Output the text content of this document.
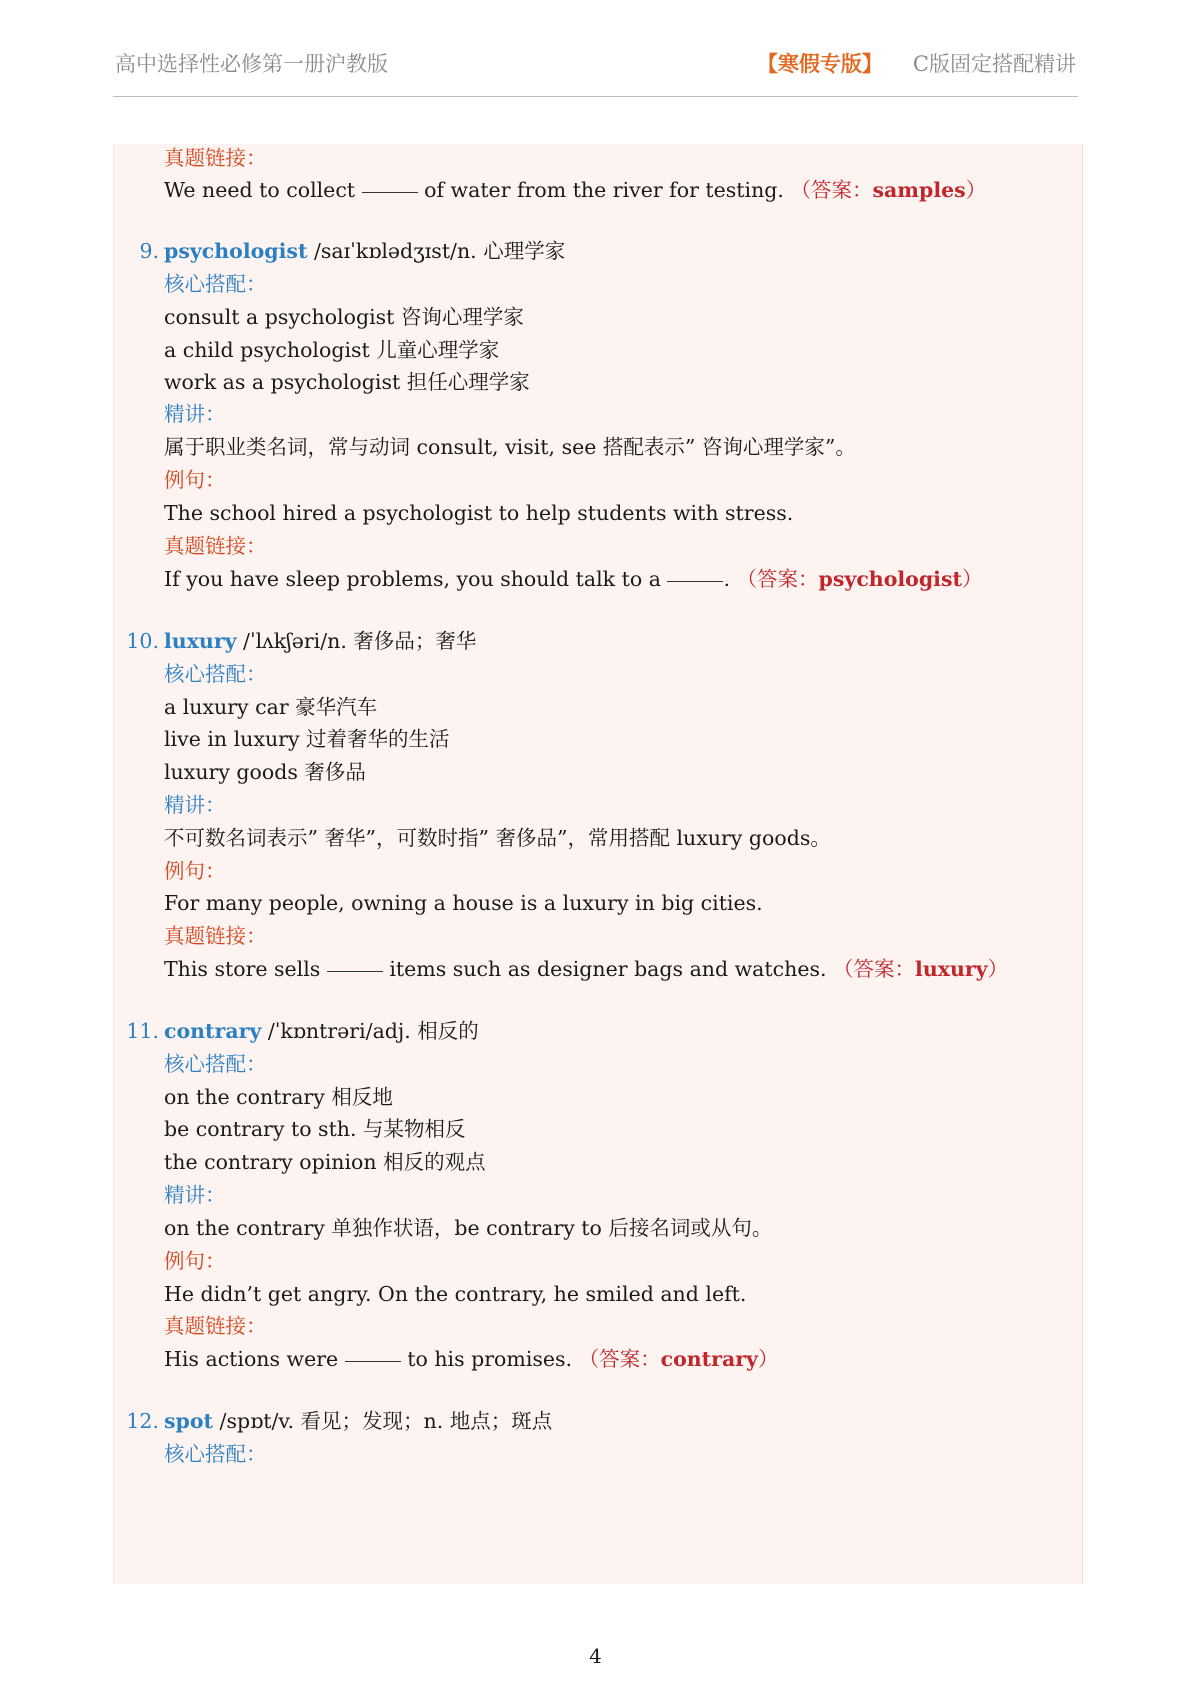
高中选择性必修第一册沪教版	【寒假专版】 C版固定搭配精讲
真题链接：
We need to collect	of water from the river for testing. （答案：samples）
9. psychologist /saɪˈkɒlədʒɪst/n. 心理学家
核心搭配：
consult a psychologist 咨询心理学家
a child psychologist 儿童心理学家
work as a psychologist 担任心理学家
精讲：
属于职业类名词，常与动词 consult, visit, see 搭配表示” 咨询心理学家”。
例句：
The school hired a psychologist to help students with stress.
真题链接：
If you have sleep problems, you should talk to a	. （答案：psychologist）
10. luxury /ˈlʌkʃəri/n. 奢侈品；奢华
核心搭配：
a luxury car 豪华汽车
live in luxury 过着奢华的生活
luxury goods 奢侈品
精讲：
不可数名词表示” 奢华”，可数时指” 奢侈品”，常用搭配 luxury goods。
例句：
For many people, owning a house is a luxury in big cities.
真题链接：
This store sells	items such as designer bags and watches. （答案：luxury）
11. contrary /ˈkɒntrəri/adj. 相反的
核心搭配：
on the contrary 相反地
be contrary to sth. 与某物相反
the contrary opinion 相反的观点
精讲：
on the contrary 单独作状语，be contrary to 后接名词或从句。
例句：
He didn’t get angry. On the contrary, he smiled and left.
真题链接：
His actions were	to his promises. （答案：contrary）
12. spot /spɒt/v. 看见；发现；n. 地点；斑点
核心搭配：
4
